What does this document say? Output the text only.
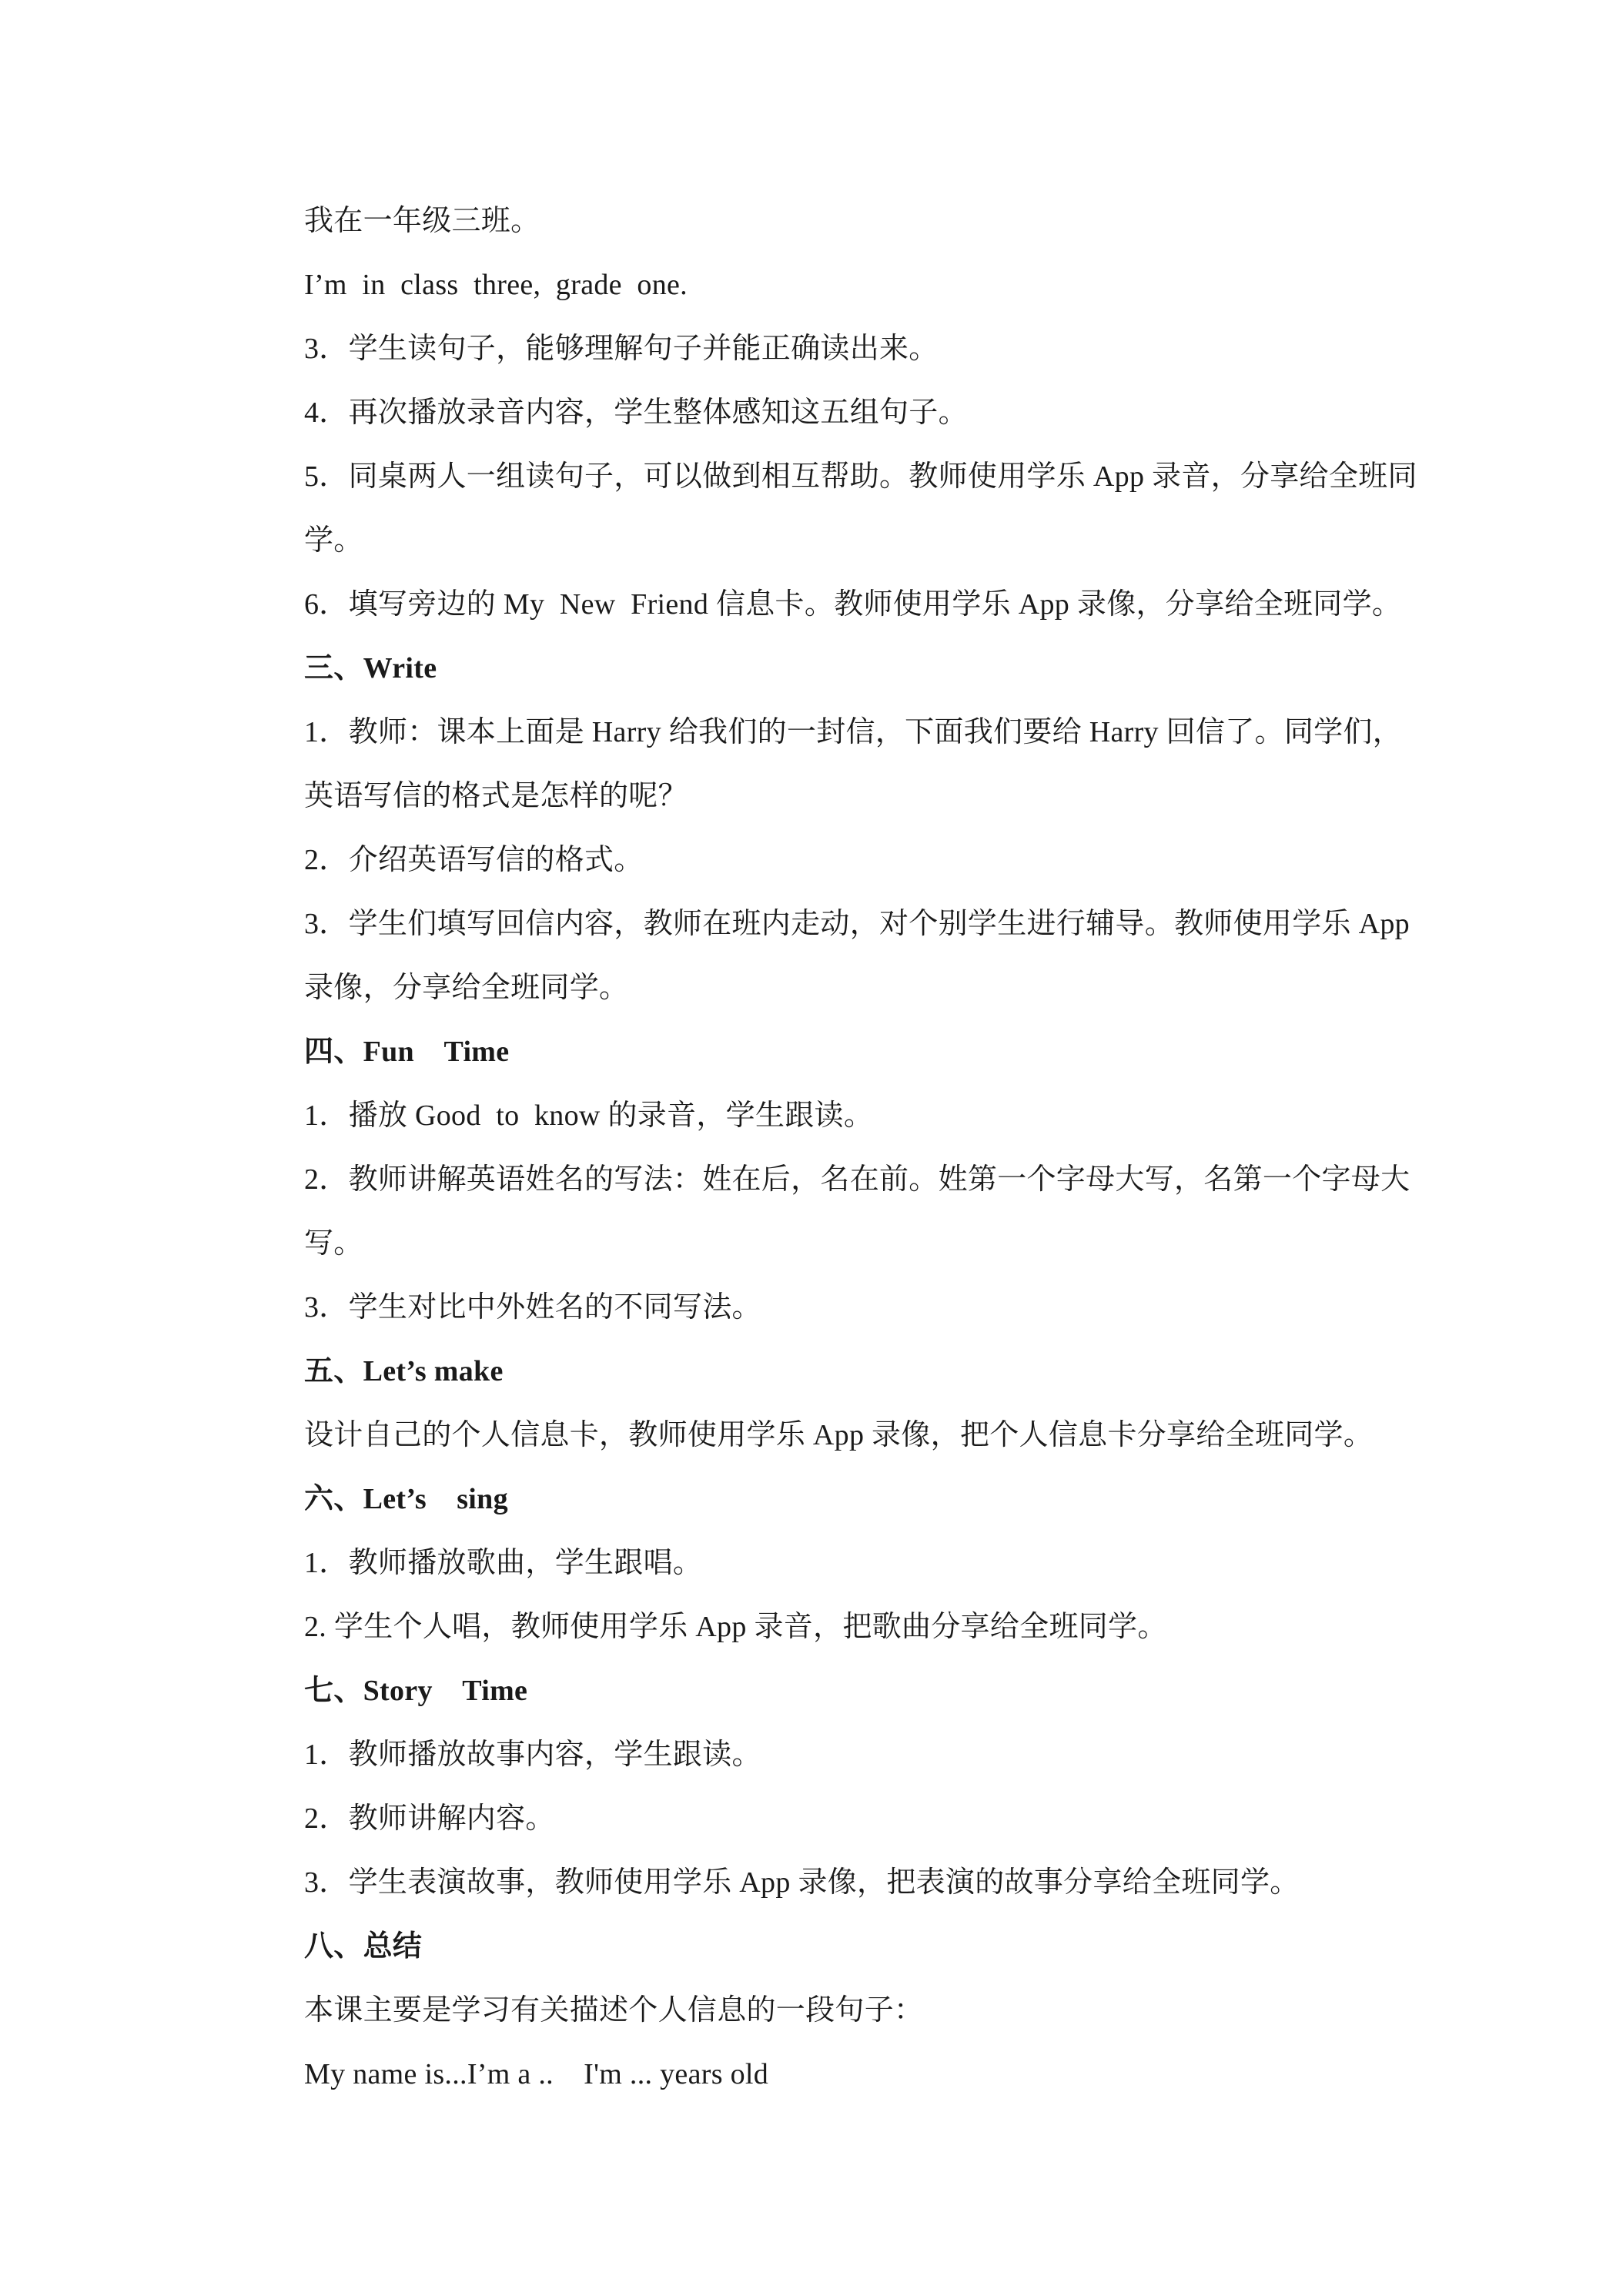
我在一年级三班。

I’m  in  class  three,  grade  one.

3．学生读句子，能够理解句子并能正确读出来。

4．再次播放录音内容，学生整体感知这五组句子。

5．同桌两人一组读句子，可以做到相互帮助。教师使用学乐 App 录音，分享给全班同

学。

6．填写旁边的 My  New  Friend 信息卡。教师使用学乐 App 录像，分享给全班同学。

三、Write

1．教师：课本上面是 Harry 给我们的一封信，下面我们要给 Harry 回信了。同学们，

英语写信的格式是怎样的呢？

2．介绍英语写信的格式。

3．学生们填写回信内容，教师在班内走动，对个别学生进行辅导。教师使用学乐 App

录像，分享给全班同学。

四、Fun    Time

1．播放 Good  to  know 的录音，学生跟读。

2．教师讲解英语姓名的写法：姓在后，名在前。姓第一个字母大写，名第一个字母大

写。

3．学生对比中外姓名的不同写法。

五、Let’s make

设计自己的个人信息卡，教师使用学乐 App 录像，把个人信息卡分享给全班同学。

六、Let’s    sing

1．教师播放歌曲，学生跟唱。

2. 学生个人唱，教师使用学乐 App 录音，把歌曲分享给全班同学。

七、Story    Time

1．教师播放故事内容，学生跟读。

2．教师讲解内容。

3．学生表演故事，教师使用学乐 App 录像，把表演的故事分享给全班同学。

八、总结

本课主要是学习有关描述个人信息的一段句子：

My name is...I’m a ..    I'm ... years old
